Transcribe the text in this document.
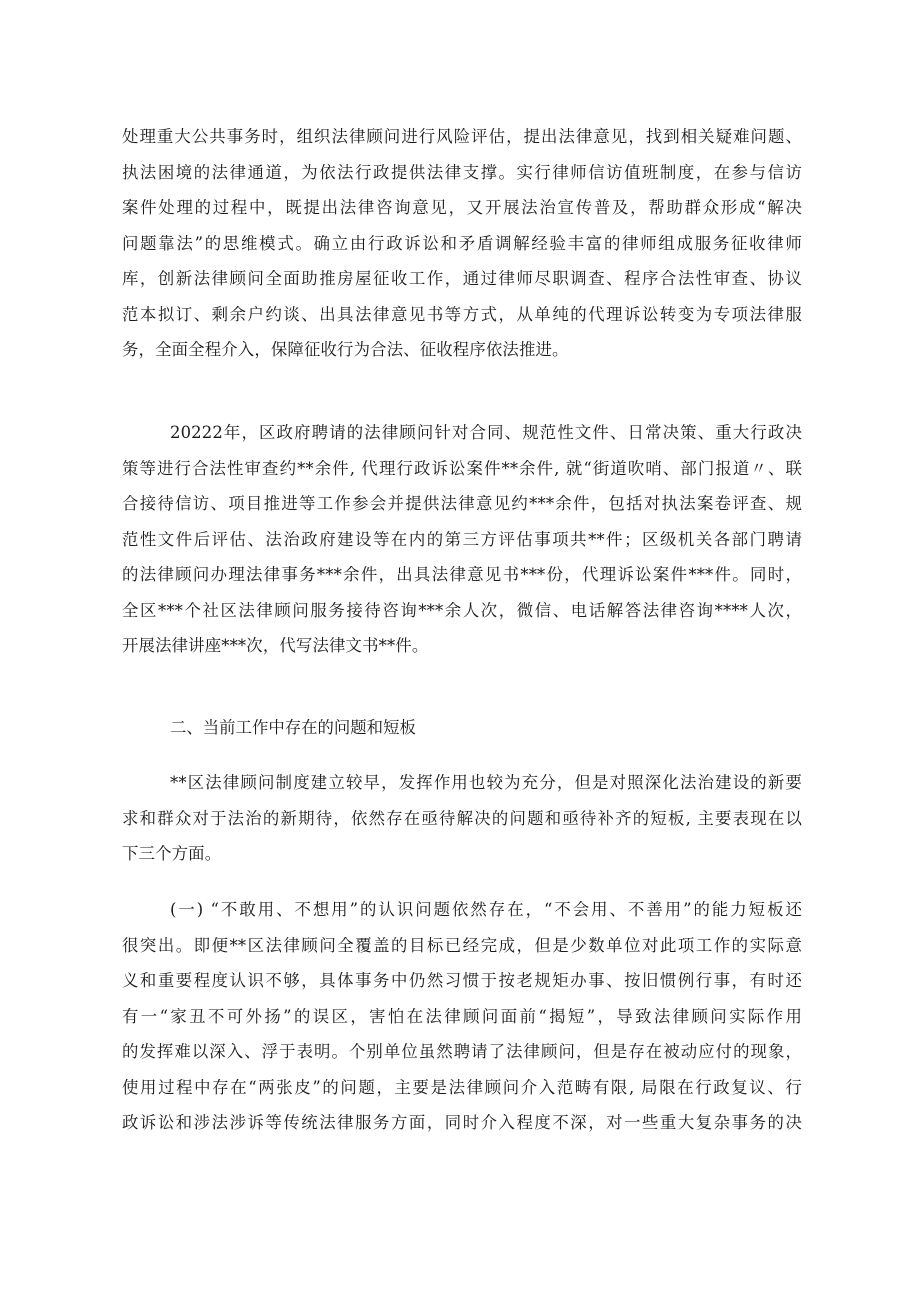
处理重大公共事务时，组织法律顾问进行风险评估，提出法律意见，找到相关疑难问题、
执法困境的法律通道，为依法行政提供法律支撑。实行律师信访值班制度，在参与信访
案件处理的过程中，既提出法律咨询意见，又开展法治宣传普及，帮助群众形成“解决
问题靠法”的思维模式。确立由行政诉讼和矛盾调解经验丰富的律师组成服务征收律师
库，创新法律顾问全面助推房屋征收工作，通过律师尽职调查、程序合法性审查、协议
范本拟订、剩余户约谈、出具法律意见书等方式，从单纯的代理诉讼转变为专项法律服
务，全面全程介入，保障征收行为合法、征收程序依法推进。
20222年，区政府聘请的法律顾问针对合同、规范性文件、日常决策、重大行政决
策等进行合法性审查约**余件, 代理行政诉讼案件**余件, 就“街道吹哨、部门报道〃、联
合接待信访、项目推进等工作参会并提供法律意见约***余件，包括对执法案卷评查、规
范性文件后评估、法治政府建设等在内的第三方评估事项共**件；区级机关各部门聘请
的法律顾问办理法律事务***余件，出具法律意见书***份，代理诉讼案件***件。同时，
全区***个社区法律顾问服务接待咨询***余人次，微信、电话解答法律咨询****人次，
开展法律讲座***次，代写法律文书**件。
二、当前工作中存在的问题和短板
**区法律顾问制度建立较早，发挥作用也较为充分，但是对照深化法治建设的新要
求和群众对于法治的新期待，依然存在亟待解决的问题和亟待补齐的短板, 主要表现在以
下三个方面。
(一) “不敢用、不想用”的认识问题依然存在，“不会用、不善用”的能力短板还
很突出。即便**区法律顾问全覆盖的目标已经完成，但是少数单位对此项工作的实际意
义和重要程度认识不够，具体事务中仍然习惯于按老规矩办事、按旧惯例行事，有时还
有一“家丑不可外扬”的误区，害怕在法律顾问面前“揭短”，导致法律顾问实际作用
的发挥难以深入、浮于表明。个别单位虽然聘请了法律顾问，但是存在被动应付的现象，
使用过程中存在“两张皮”的问题，主要是法律顾问介入范畴有限, 局限在行政复议、行
政诉讼和涉法涉诉等传统法律服务方面，同时介入程度不深，对一些重大复杂事务的决
